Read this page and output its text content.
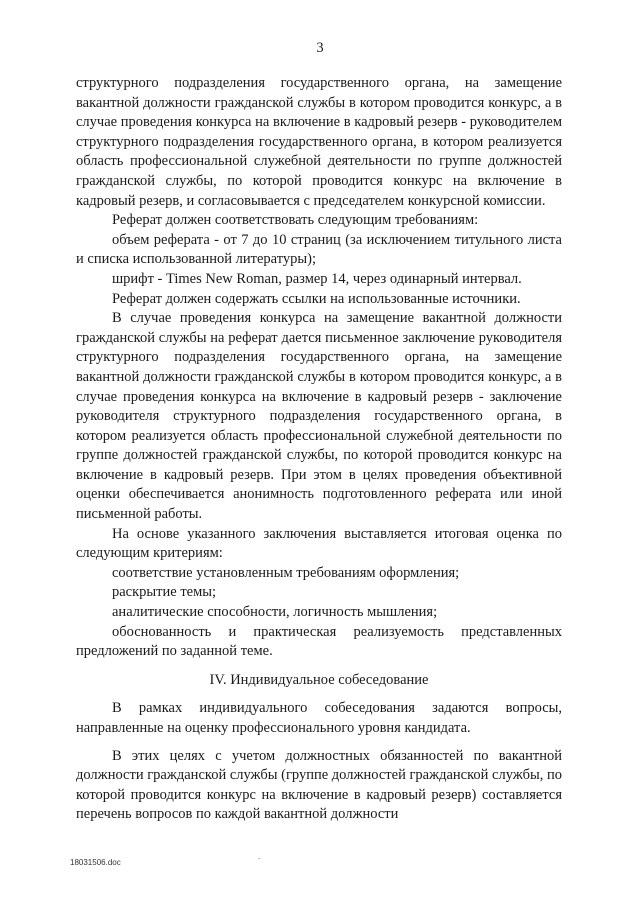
3

структурного подразделения государственного органа, на замещение вакантной должности гражданской службы в котором проводится конкурс, а в случае проведения конкурса на включение в кадровый резерв - руководителем структурного подразделения государственного органа, в котором реализуется область профессиональной служебной деятельности по группе должностей гражданской службы, по которой проводится конкурс на включение в кадровый резерв, и согласовывается с председателем конкурсной комиссии.

Реферат должен соответствовать следующим требованиям:

объем реферата - от 7 до 10 страниц (за исключением титульного листа и списка использованной литературы);

шрифт - Times New Roman, размер 14, через одинарный интервал.

Реферат должен содержать ссылки на использованные источники.

В случае проведения конкурса на замещение вакантной должности гражданской службы на реферат дается письменное заключение руководителя структурного подразделения государственного органа, на замещение вакантной должности гражданской службы в котором проводится конкурс, а в случае проведения конкурса на включение в кадровый резерв - заключение руководителя структурного подразделения государственного органа, в котором реализуется область профессиональной служебной деятельности по группе должностей гражданской службы, по которой проводится конкурс на включение в кадровый резерв. При этом в целях проведения объективной оценки обеспечивается анонимность подготовленного реферата или иной письменной работы.

На основе указанного заключения выставляется итоговая оценка по следующим критериям:

соответствие установленным требованиям оформления;

раскрытие темы;

аналитические способности, логичность мышления;

обоснованность и практическая реализуемость представленных предложений по заданной теме.

IV. Индивидуальное собеседование

В рамках индивидуального собеседования задаются вопросы, направленные на оценку профессионального уровня кандидата.

В этих целях с учетом должностных обязанностей по вакантной должности гражданской службы (группе должностей гражданской службы, по которой проводится конкурс на включение в кадровый резерв) составляется перечень вопросов по каждой вакантной должности

18031506.doc
